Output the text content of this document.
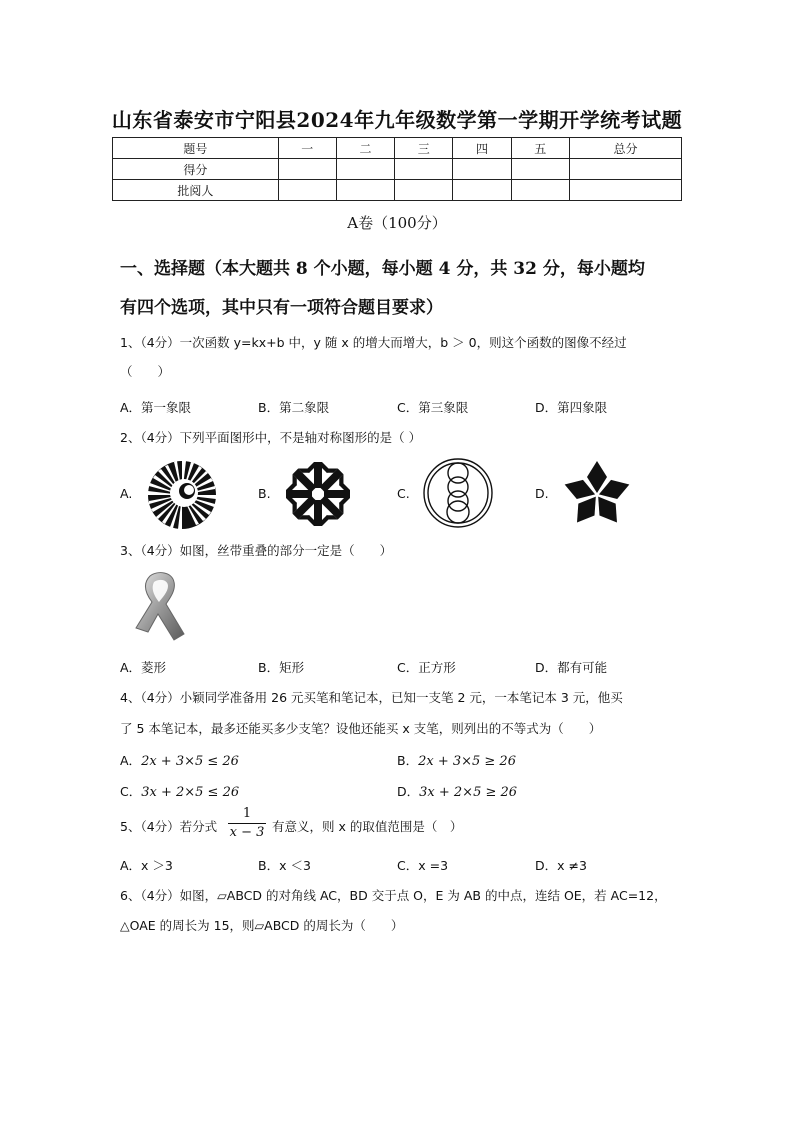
山东省泰安市宁阳县2024年九年级数学第一学期开学统考试题
题号	一	二	三	四	五	总分
得分						
批阅人						
A卷（100分）
一、选择题（本大题共 8 个小题，每小题 4 分，共 32 分，每小题均
有四个选项，其中只有一项符合题目要求）
1、（4分）一次函数 y=kx+b 中，y 随 x 的增大而增大，b ＞ 0，则这个函数的图像不经过
（　　）
A．第一象限	B．第二象限	C．第三象限	D．第四象限
2、（4分）下列平面图形中，不是轴对称图形的是（ ）
A.	B.	C.	D.
3、（4分）如图，丝带重叠的部分一定是（　　）
A．菱形	B．矩形	C．正方形	D．都有可能
4、（4分）小颖同学准备用 26 元买笔和笔记本，已知一支笔 2 元，一本笔记本 3 元，他买
了 5 本笔记本，最多还能买多少支笔？设他还能买 x 支笔，则列出的不等式为（　　）
A．2x + 3×5 ≤ 26	B．2x + 3×5 ≥ 26
C．3x + 2×5 ≤ 26	D．3x + 2×5 ≥ 26
5、（4分）若分式
1
x − 3 有意义，则 x 的取值范围是（　）
A．x ＞3	B．x ＜3	C．x =3	D．x ≠3
6、（4分）如图，▱ABCD 的对角线 AC，BD 交于点 O，E 为 AB 的中点，连结 OE，若 AC=12，
△OAE 的周长为 15，则▱ABCD 的周长为（　　）
